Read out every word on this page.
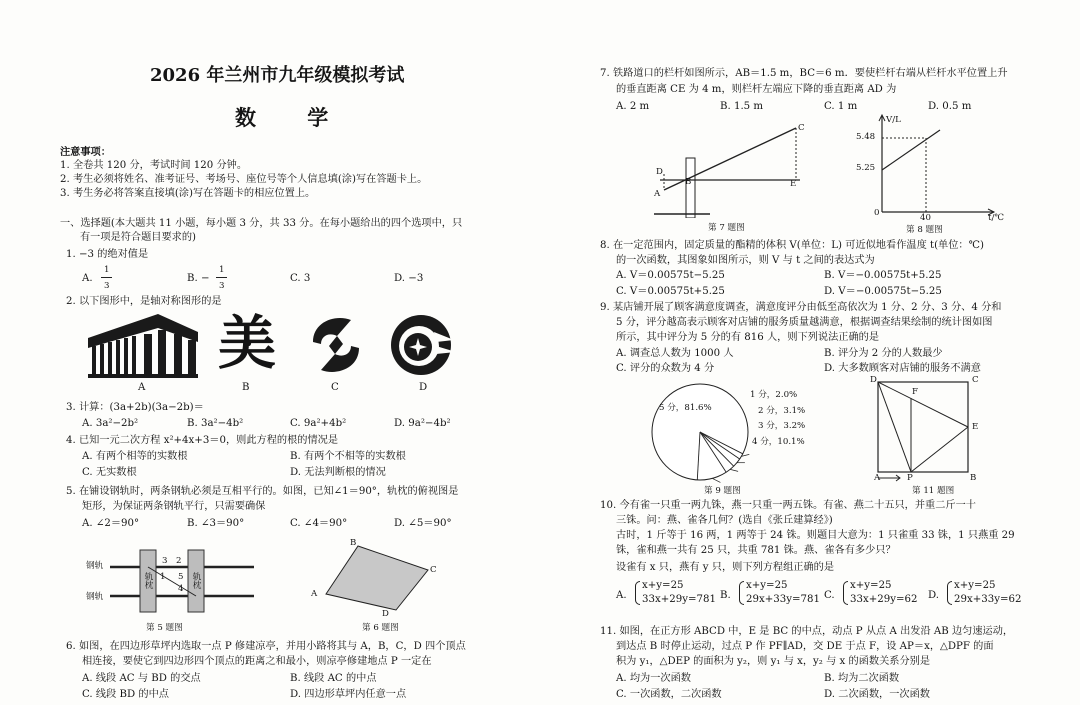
2026 年兰州市九年级模拟考试
数 学
注意事项：
1. 全卷共 120 分，考试时间 120 分钟。
2. 考生必须将姓名、准考证号、考场号、座位号等个人信息填(涂)写在答题卡上。
3. 考生务必将答案直接填(涂)写在答题卡的相应位置上。
一、选择题(本大题共 11 小题，每小题 3 分，共 33 分。在每小题给出的四个选项中，只
有一项是符合题目要求的)
1. −3 的绝对值是
A.
1
3
B. −
1
3
C. 3	D. −3
2. 以下图形中，是轴对称图形的是
美
A	B	C	D
3. 计算：(3a+2b)(3a−2b)＝
A. 3a²−2b²	B. 3a²−4b²	C. 9a²+4b²	D. 9a²−4b²
4. 已知一元二次方程 x²+4x+3＝0，则此方程的根的情况是
A. 有两个相等的实数根	B. 有两个不相等的实数根
C. 无实数根	D. 无法判断根的情况
5. 在铺设钢轨时，两条钢轨必须是互相平行的。如图，已知∠1＝90°，轨枕的俯视图是
矩形，为保证两条钢轨平行，只需要确保
A. ∠2＝90°	B. ∠3＝90°	C. ∠4＝90°	D. ∠5＝90°
钢轨
钢轨
轨枕	轨枕
3 2
1 5
4
第 5 题图
B
C
A
D
第 6 题图
6. 如图，在四边形草坪内选取一点 P 修建凉亭，并用小路将其与 A，B，C，D 四个顶点
相连接，要使它到四边形四个顶点的距离之和最小，则凉亭修建地点 P 一定在
A. 线段 AC 与 BD 的交点	B. 线段 AC 的中点
C. 线段 BD 的中点	D. 四边形草坪内任意一点
7. 铁路道口的栏杆如图所示，AB＝1.5 m，BC＝6 m．要使栏杆右端从栏杆水平位置上升
的垂直距离 CE 为 4 m，则栏杆左端应下降的垂直距离 AD 为
A. 2 m	B. 1.5 m	C. 1 m	D. 0.5 m
C
D
B
A
E
第 7 题图
V/L
5.48
5.25
0	40	t/℃
第 8 题图
8. 在一定范围内，固定质量的酯精的体积 V(单位：L) 可近似地看作温度 t(单位：℃)
的一次函数，其图象如图所示，则 V 与 t 之间的表达式为
A. V＝0.00575t−5.25	B. V＝−0.00575t+5.25
C. V＝0.00575t+5.25	D. V＝−0.00575t−5.25
9. 某店铺开展了顾客满意度调查，满意度评分由低至高依次为 1 分、2 分、3 分、4 分和
5 分，评分越高表示顾客对店铺的服务质量越满意，根据调查结果绘制的统计图如图
所示，其中评分为 5 分的有 816 人，则下列说法正确的是
A. 调查总人数为 1000 人	B. 评分为 2 分的人数最少
C. 评分的众数为 4 分	D. 大多数顾客对店铺的服务不满意
5 分，81.6%
1 分，2.0%
2 分，3.1%
3 分，3.2%
4 分，10.1%
第 9 题图
D
F
C
E
A	P	B
第 11 题图
10. 今有雀一只重一两九铢，燕一只重一两五铢。有雀、燕二十五只，并重二斤一十
三铢。问：燕、雀各几何？(选自《张丘建算经》)
古时，1 斤等于 16 两，1 两等于 24 铢。则题目大意为：1 只雀重 33 铢，1 只燕重 29
铢，雀和燕一共有 25 只，共重 781 铢。燕、雀各有多少只？
设雀有 x 只，燕有 y 只，则下列方程组正确的是
A.
x+y=25
33x+29y=781 B.
x+y=25
29x+33y=781 C.
x+y=25
33x+29y=62 D.
x+y=25
29x+33y=62
11. 如图，在正方形 ABCD 中，E 是 BC 的中点，动点 P 从点 A 出发沿 AB 边匀速运动，
到达点 B 时停止运动，过点 P 作 PF∥AD，交 DE 于点 F，设 AP＝x，△DPF 的面
积为 y₁，△DEP 的面积为 y₂，则 y₁ 与 x，y₂ 与 x 的函数关系分别是
A. 均为一次函数	B. 均为二次函数
C. 一次函数，二次函数	D. 二次函数，一次函数
